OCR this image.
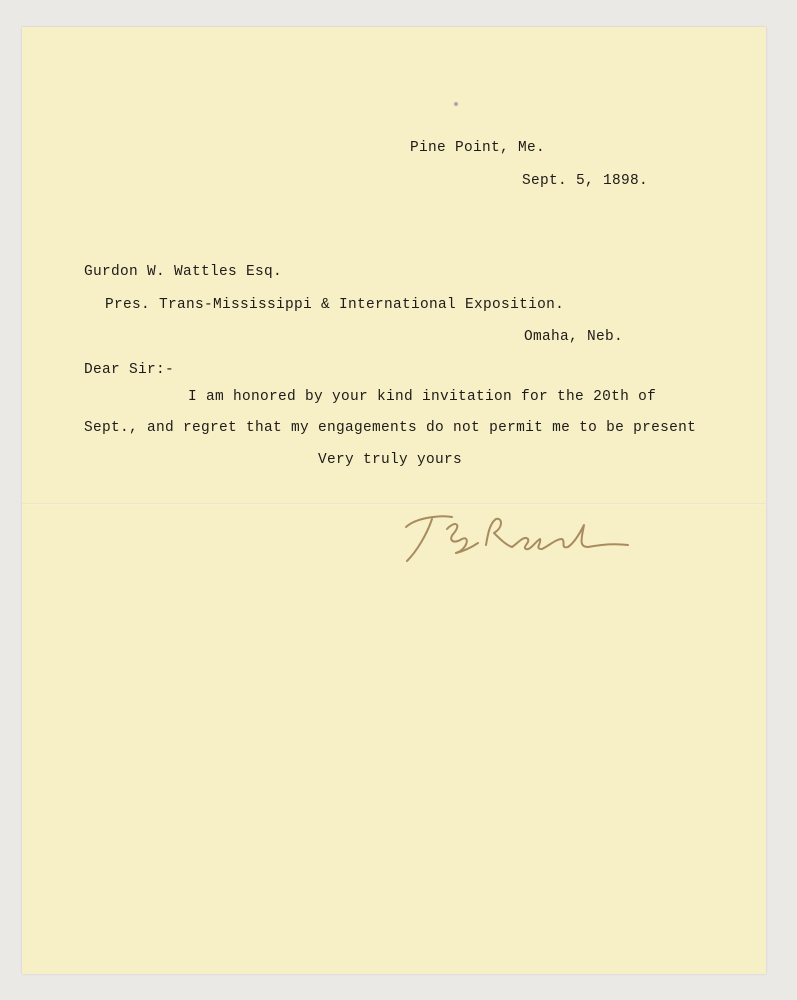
Pine Point, Me.
Sept. 5, 1898.
Gurdon W. Wattles Esq.
Pres. Trans-Mississippi & International Exposition.
Omaha, Neb.
Dear Sir:-
I am honored by your kind invitation for the 20th of
Sept., and regret that my engagements do not permit me to be present
Very truly yours
